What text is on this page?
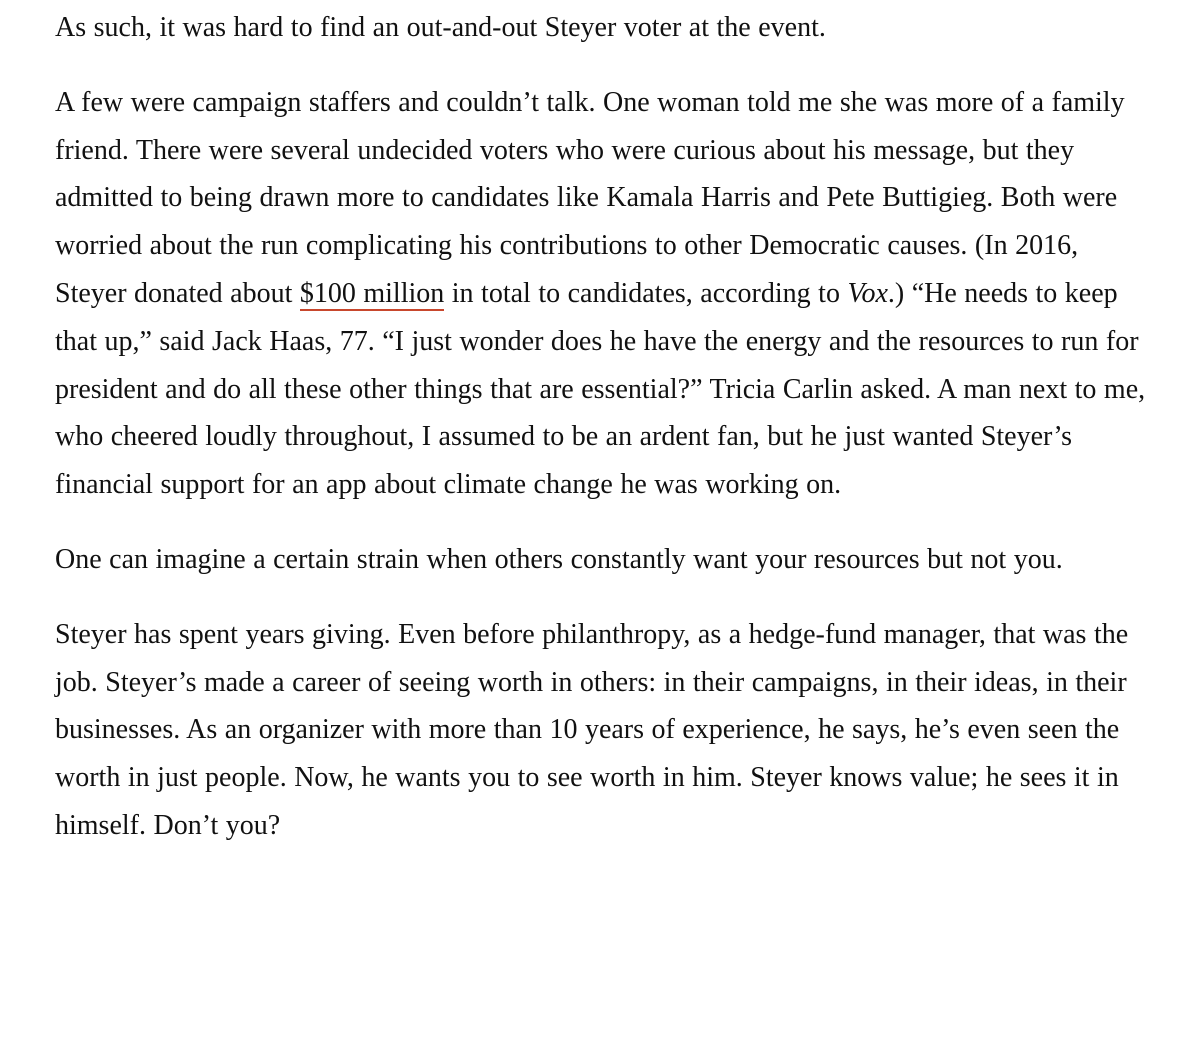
As such, it was hard to find an out-and-out Steyer voter at the event.

A few were campaign staffers and couldn’t talk. One woman told me she was more of a family friend. There were several undecided voters who were curious about his message, but they admitted to being drawn more to candidates like Kamala Harris and Pete Buttigieg. Both were worried about the run complicating his contributions to other Democratic causes. (In 2016, Steyer donated about $100 million in total to candidates, according to Vox.) “He needs to keep that up,” said Jack Haas, 77. “I just wonder does he have the energy and the resources to run for president and do all these other things that are essential?” Tricia Carlin asked. A man next to me, who cheered loudly throughout, I assumed to be an ardent fan, but he just wanted Steyer’s financial support for an app about climate change he was working on.

One can imagine a certain strain when others constantly want your resources but not you.

Steyer has spent years giving. Even before philanthropy, as a hedge-fund manager, that was the job. Steyer’s made a career of seeing worth in others: in their campaigns, in their ideas, in their businesses. As an organizer with more than 10 years of experience, he says, he’s even seen the worth in just people. Now, he wants you to see worth in him. Steyer knows value; he sees it in himself. Don’t you?
